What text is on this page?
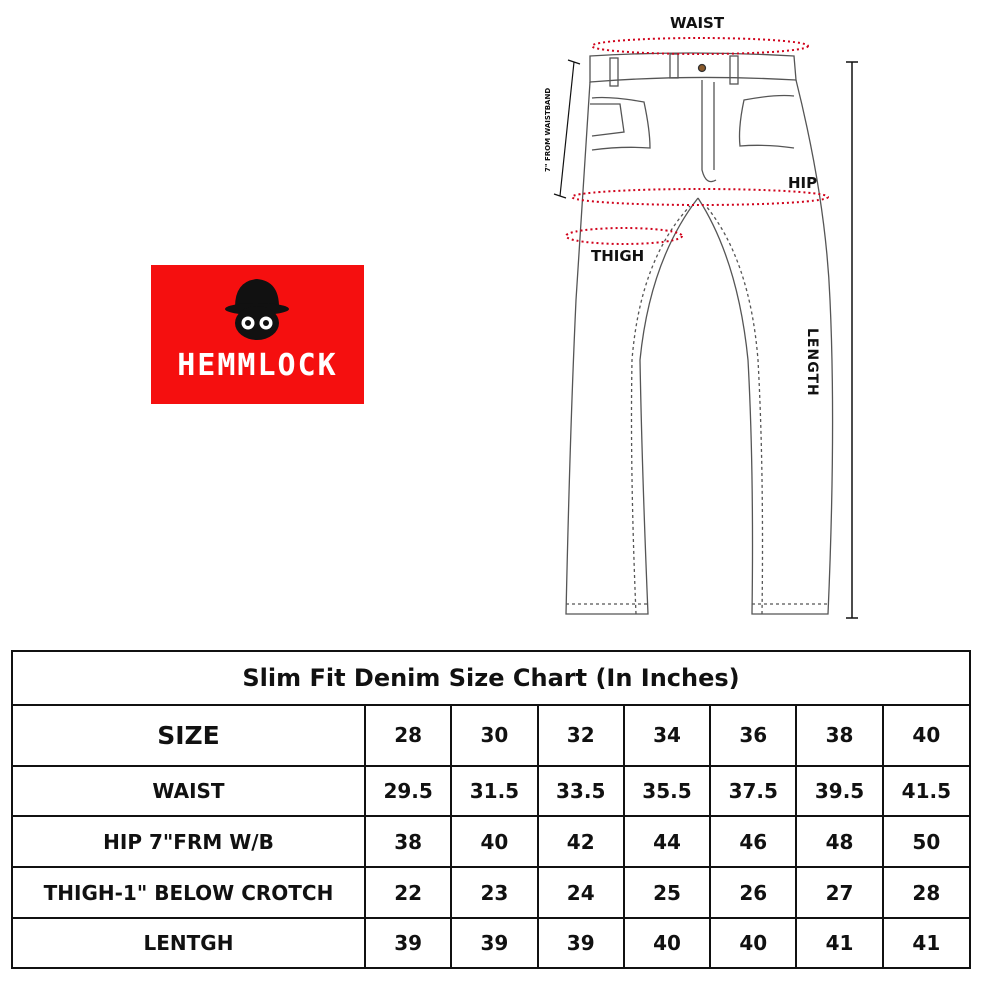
HEMMLOCK
WAIST
HIP
THIGH
LENGTH
7" FROM WAISTBAND
Slim Fit Denim Size Chart (In Inches)							
SIZE	28	30	32	34	36	38	40
WAIST	29.5	31.5	33.5	35.5	37.5	39.5	41.5
HIP 7"FRM W/B	38	40	42	44	46	48	50
THIGH-1" BELOW CROTCH	22	23	24	25	26	27	28
LENTGH	39	39	39	40	40	41	41
